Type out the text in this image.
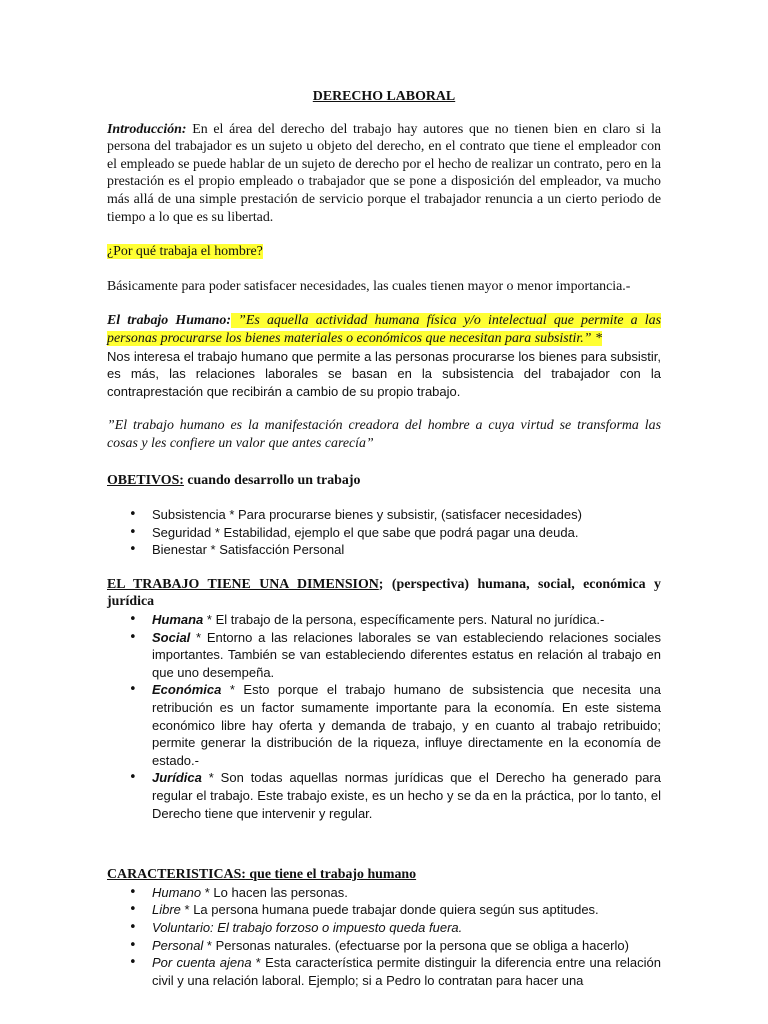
DERECHO LABORAL

Introducción: En el área del derecho del trabajo hay autores que no tienen bien en claro si la persona del trabajador es un sujeto u objeto del derecho, en el contrato que tiene el empleador con el empleado se puede hablar de un sujeto de derecho por el hecho de realizar un contrato, pero en la prestación es el propio empleado o trabajador que se pone a disposición del empleador, va mucho más allá de una simple prestación de servicio porque el trabajador renuncia a un cierto periodo de tiempo a lo que es su libertad.

¿Por qué trabaja el hombre?

Básicamente para poder satisfacer necesidades, las cuales tienen mayor o menor importancia.-

El trabajo Humano: ”Es aquella actividad humana física y/o intelectual que permite a las personas procurarse los bienes materiales o económicos que necesitan para subsistir.” *

Nos interesa el trabajo humano que permite a las personas procurarse los bienes para subsistir, es más, las relaciones laborales se basan en la subsistencia del trabajador con la contraprestación que recibirán a cambio de su propio trabajo.

”El trabajo humano es la manifestación creadora del hombre a cuya virtud se transforma las cosas y les confiere un valor que antes carecía”

OBETIVOS: cuando desarrollo un trabajo

• Subsistencia * Para procurarse bienes y subsistir, (satisfacer necesidades)
• Seguridad * Estabilidad, ejemplo el que sabe que podrá pagar una deuda.
• Bienestar * Satisfacción Personal

EL TRABAJO TIENE UNA DIMENSION; (perspectiva) humana, social, económica y jurídica

• Humana * El trabajo de la persona, específicamente pers. Natural no jurídica.-
• Social * Entorno a las relaciones laborales se van estableciendo relaciones sociales importantes. También se van estableciendo diferentes estatus en relación al trabajo en que uno desempeña.
• Económica * Esto porque el trabajo humano de subsistencia que necesita una retribución es un factor sumamente importante para la economía. En este sistema económico libre hay oferta y demanda de trabajo, y en cuanto al trabajo retribuido; permite generar la distribución de la riqueza, influye directamente en la economía de estado.-
• Jurídica * Son todas aquellas normas jurídicas que el Derecho ha generado para regular el trabajo. Este trabajo existe, es un hecho y se da en la práctica, por lo tanto, el Derecho tiene que intervenir y regular.

CARACTERISTICAS: que tiene el trabajo humano

• Humano * Lo hacen las personas.
• Libre * La persona humana puede trabajar donde quiera según sus aptitudes.
• Voluntario: El trabajo forzoso o impuesto queda fuera.
• Personal * Personas naturales. (efectuarse por la persona que se obliga a hacerlo)
• Por cuenta ajena * Esta característica permite distinguir la diferencia entre una relación civil y una relación laboral. Ejemplo; si a Pedro lo contratan para hacer una
